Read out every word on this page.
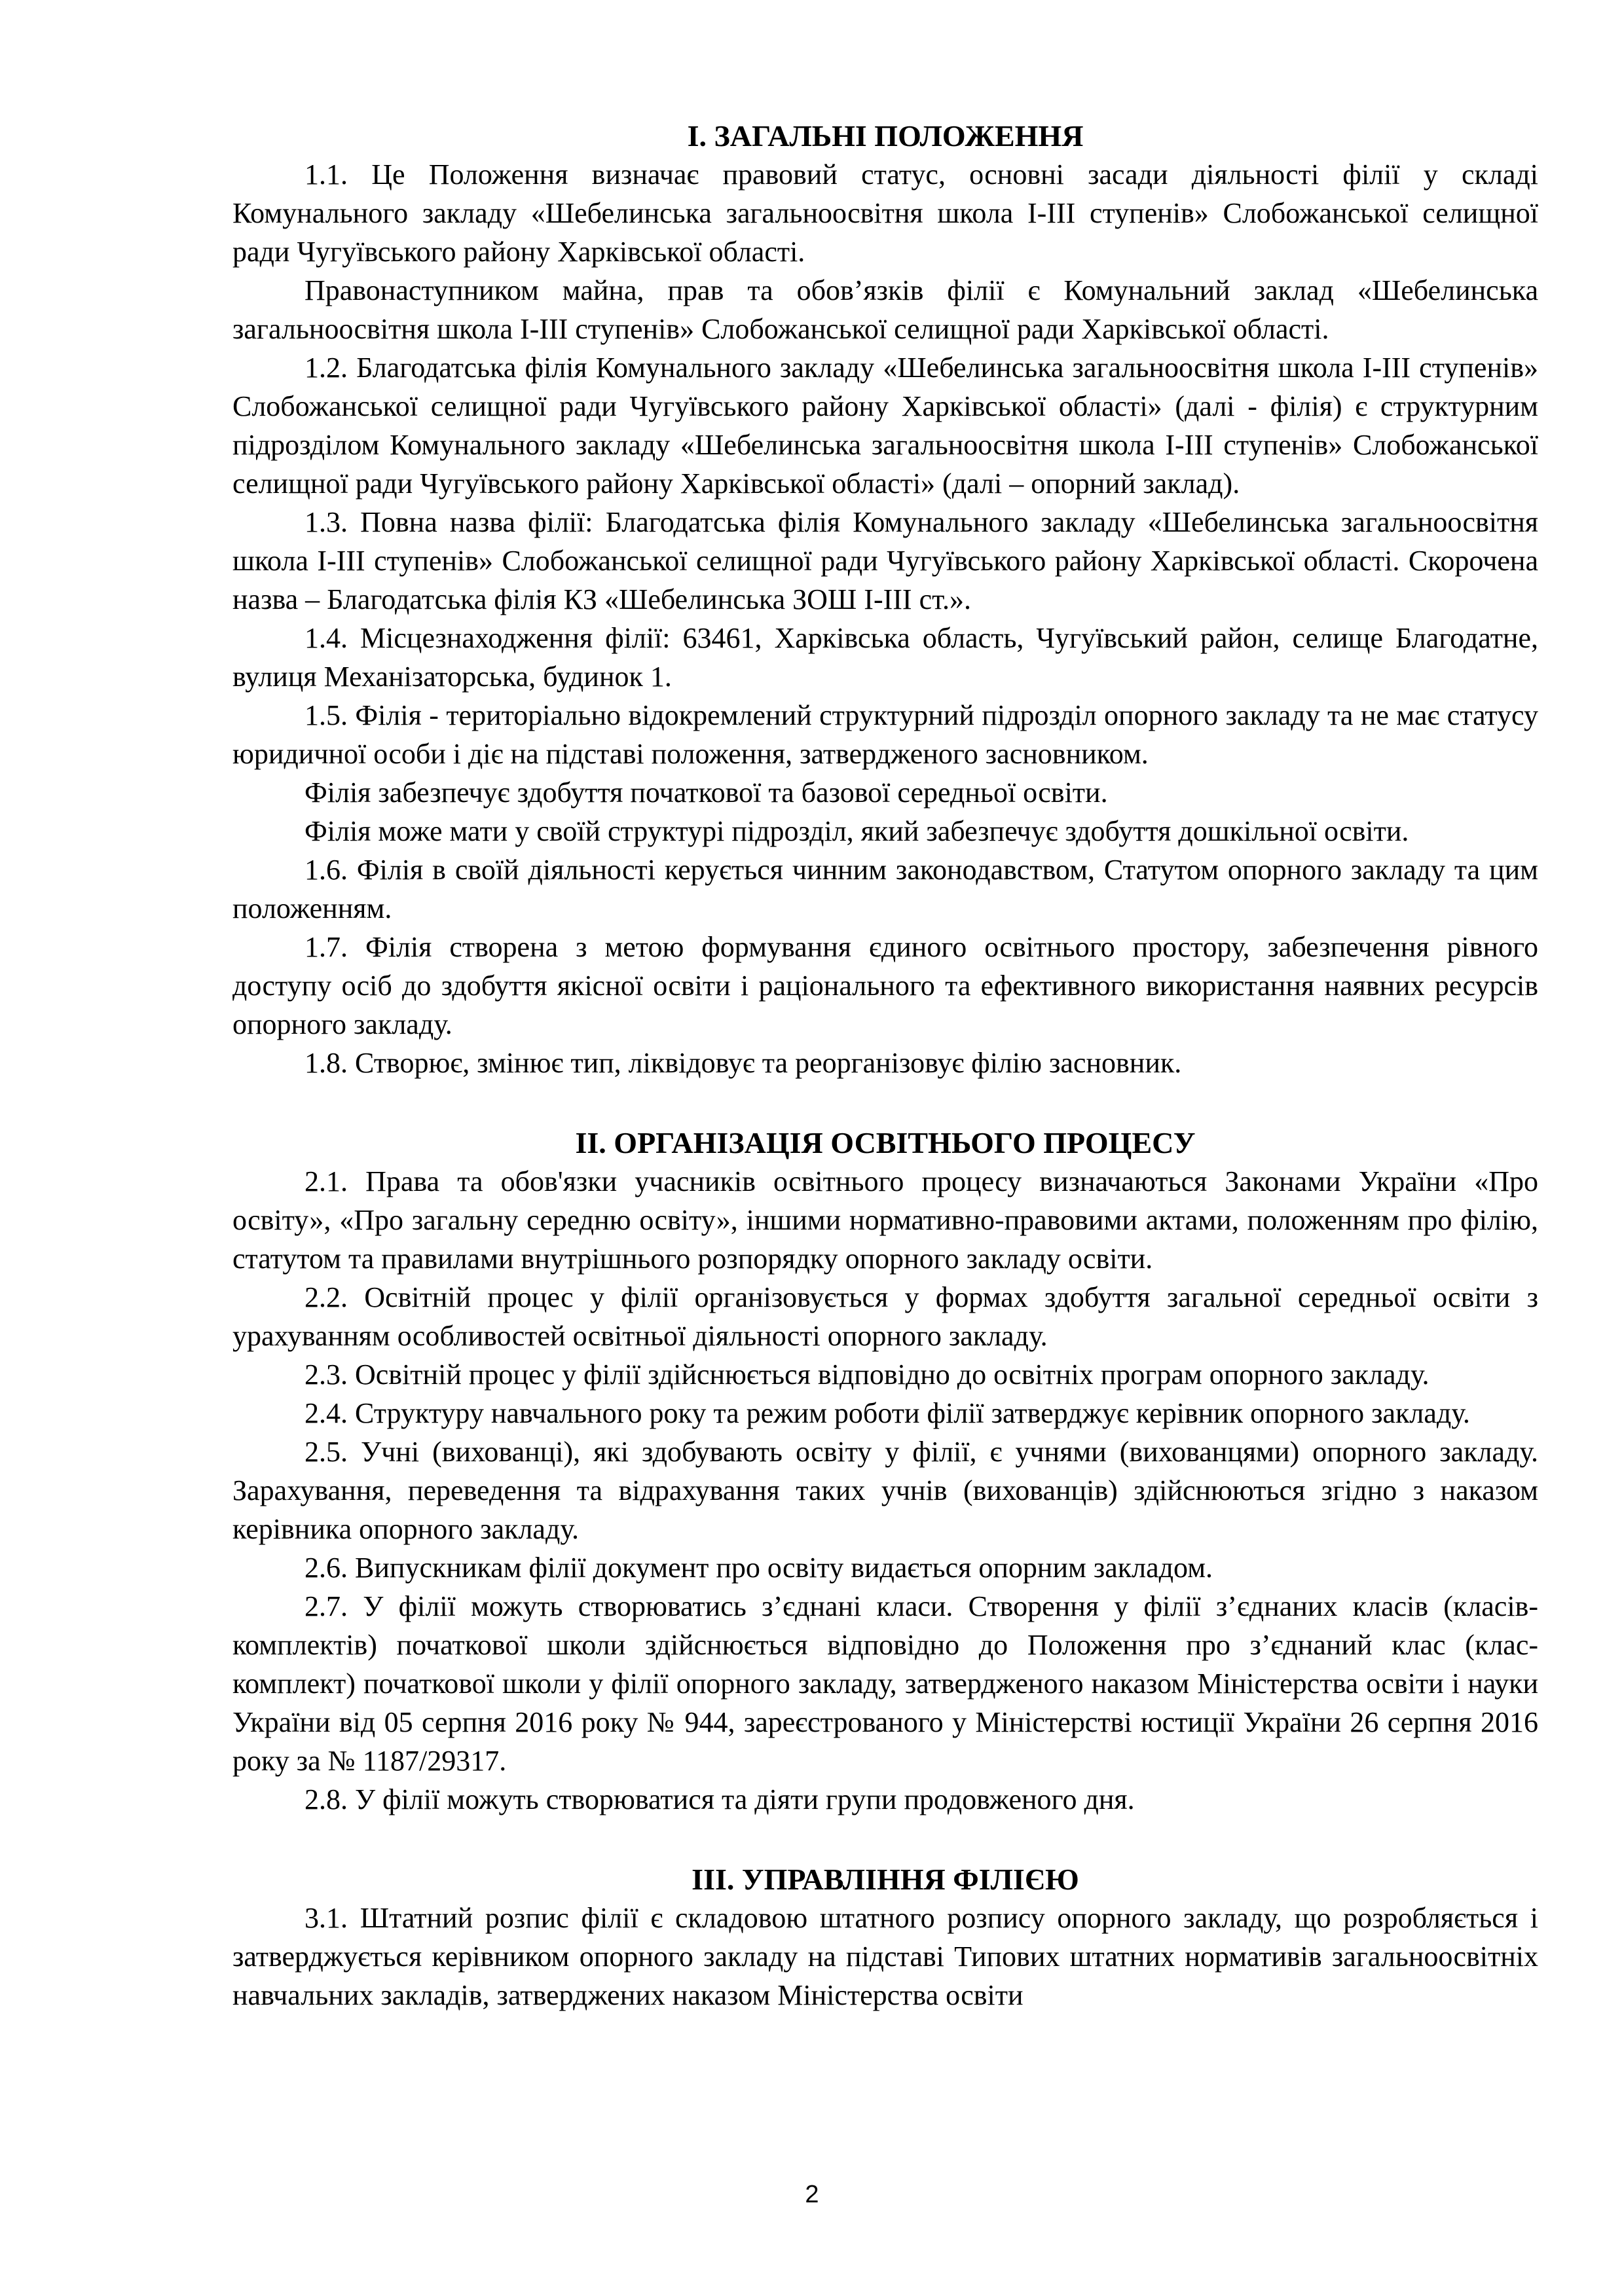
I. ЗАГАЛЬНІ ПОЛОЖЕННЯ

1.1. Це Положення визначає правовий статус, основні засади діяльності філії у складі Комунального закладу «Шебелинська загальноосвітня школа І-ІІІ ступенів» Слобожанської селищної ради Чугуївського району Харківської області.

Правонаступником майна, прав та обов’язків філії є Комунальний заклад «Шебелинська загальноосвітня школа І-ІІІ ступенів» Слобожанської селищної ради Харківської області.

1.2. Благодатська філія Комунального закладу «Шебелинська загальноосвітня школа І-ІІІ ступенів» Слобожанської селищної ради Чугуївського району Харківської області» (далі - філія) є структурним підрозділом Комунального закладу «Шебелинська загальноосвітня школа І-ІІІ ступенів» Слобожанської селищної ради Чугуївського району Харківської області» (далі – опорний заклад).

1.3. Повна назва філії: Благодатська філія Комунального закладу «Шебелинська загальноосвітня школа І-ІІІ ступенів» Слобожанської селищної ради Чугуївського району Харківської області. Скорочена назва – Благодатська філія КЗ «Шебелинська ЗОШ І-ІІІ ст.».

1.4. Місцезнаходження філії: 63461, Харківська область, Чугуївський район, селище Благодатне, вулиця Механізаторська, будинок 1.

1.5. Філія - територіально відокремлений структурний підрозділ опорного закладу та не має статусу юридичної особи і діє на підставі положення, затвердженого засновником.

Філія забезпечує здобуття початкової та базової середньої освіти.

Філія може мати у своїй структурі підрозділ, який забезпечує здобуття дошкільної освіти.

1.6. Філія в своїй діяльності керується чинним законодавством, Статутом опорного закладу та цим положенням.

1.7. Філія створена з метою формування єдиного освітнього простору, забезпечення рівного доступу осіб до здобуття якісної освіти і раціонального та ефективного використання наявних ресурсів опорного закладу.

1.8. Створює, змінює тип, ліквідовує та реорганізовує філію засновник.

ІІ. ОРГАНІЗАЦІЯ ОСВІТНЬОГО ПРОЦЕСУ

2.1. Права та обов'язки учасників освітнього процесу визначаються Законами України «Про освіту», «Про загальну середню освіту», іншими нормативно-правовими актами, положенням про філію, статутом та правилами внутрішнього розпорядку опорного закладу освіти.

2.2. Освітній процес у філії організовується у формах здобуття загальної середньої освіти з урахуванням особливостей освітньої діяльності опорного закладу.

2.3. Освітній процес у філії здійснюється відповідно до освітніх програм опорного закладу.

2.4. Структуру навчального року та режим роботи філії затверджує керівник опорного закладу.

2.5. Учні (вихованці), які здобувають освіту у філії, є учнями (вихованцями) опорного закладу. Зарахування, переведення та відрахування таких учнів (вихованців) здійснюються згідно з наказом керівника опорного закладу.

2.6. Випускникам філії документ про освіту видається опорним закладом.

2.7. У філії можуть створюватись з’єднані класи. Створення у філії з’єднаних класів (класів-комплектів) початкової школи здійснюється відповідно до Положення про з’єднаний клас (клас-комплект) початкової школи у філії опорного закладу, затвердженого наказом Міністерства освіти і науки України від 05 серпня 2016 року № 944, зареєстрованого у Міністерстві юстиції України 26 серпня 2016 року за № 1187/29317.

2.8. У філії можуть створюватися та діяти групи продовженого дня.

ІІІ. УПРАВЛІННЯ ФІЛІЄЮ

3.1. Штатний розпис філії є складовою штатного розпису опорного закладу, що розробляється і затверджується керівником опорного закладу на підставі Типових штатних нормативів загальноосвітніх навчальних закладів, затверджених наказом Міністерства освіти

2
